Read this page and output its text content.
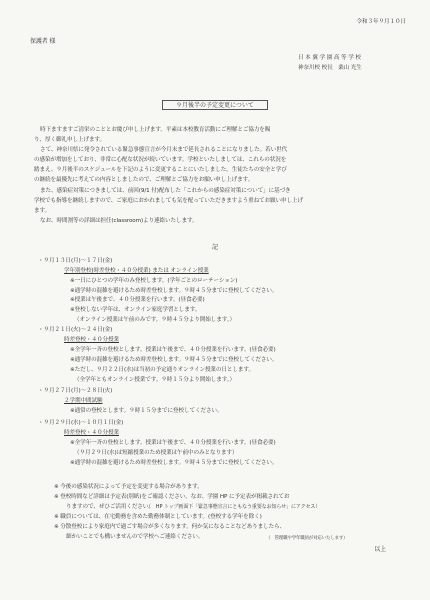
令和３年９月１０日
保護者 様
日 本 翼 学 園 高 等 学 校
神奈川校 校長　桑山 光生
９月後半の予定変更について
時下ますますご清栄のこととお慶び申し上げます。平素は本校教育活動にご理解とご協力を賜
り、厚く御礼申し上げます。
さて、神奈川県に発令されている緊急事態宣言が今月末まで延長されることになりました。若い世代
の感染が増加をしており、非常に心配な状況が続いています。学校といたしましては、これらの状況を
踏まえ、９月後半のスケジュールを下記のように変更することにいたしました。生徒たちの安全と学び
の継続を最優先に考えての内容としましたので、ご理解とご協力をお願い申し上げます。
また、感染症対策につきましては、前回(9/1 付)配布した「これからの感染症対策について」に基づき
学校でも指導を継続しますので、ご家庭におかれましても気を配っていただきますよう重ねてお願い申し上げ
ます。
なお、時間割等の詳細は担任(classroom)より連絡いたします。
記
・９月１３日(月)～１７日(金)
学年別登校(時差登校・４０分授業) または オンライン授業
※一日にひとつの学年のみ登校します。(学年ごとのローテーション)
※通学時の混雑を避けるため時差登校します。９時４５分までに登校してください。
※授業は午後まで、４０分授業を行います。(昼食必要)
※登校しない学年は、オンライン家庭学習とします。
（オンライン授業は午前のみです。９時４５分より開始します。）
・９月２１日(火)～２４日(金)
時差登校・４０分授業
※全学年一斉の登校とします。授業は午後まで、４０分授業を行います。(昼食必要)
※通学時の混雑を避けるため時差登校します。９時４５分までに登校してください。
※ただし、９月２２日(水)は当初の予定通りオンライン授業の日とします。
（全学年ともオンライン授業です。９時１５分より開始します。）
・９月２７日(月)～２８日(火)
２学期中間試験
※通常の登校とします。９時１５分までに登校してください。
・９月２９日(水)～１０月１日(金)
時差登校・４０分授業
※全学年一斉の登校とします。授業は午後まで、４０分授業を行います。(昼食必要)
（９月２９日(水)は短縮授業のため授業は午前中のみとなります）
※通学時の混雑を避けるため時差登校します。９時４５分までに登校してください。
※ 今後の感染状況によって予定を変更する場合があります。
※ 登校時間など詳細は予定表(別紙)をご確認ください。なお、学園 HP に予定表が掲載されてお
りますので、ぜひご活用ください。
（　HP トップ画面下「緊急事態宣言にともなう重要なお知らせ」にアクセス）
※ 職員については、在宅勤務を含めた勤務体制としています。(登校する学年を除く)
※ 分散登校により家庭内で過ごす場合が多くなります。何か気になることなどありましたら、
細かいことでも構いませんので学校へご連絡ください。	（　管理職や学年職員が対応いたします）
以上
